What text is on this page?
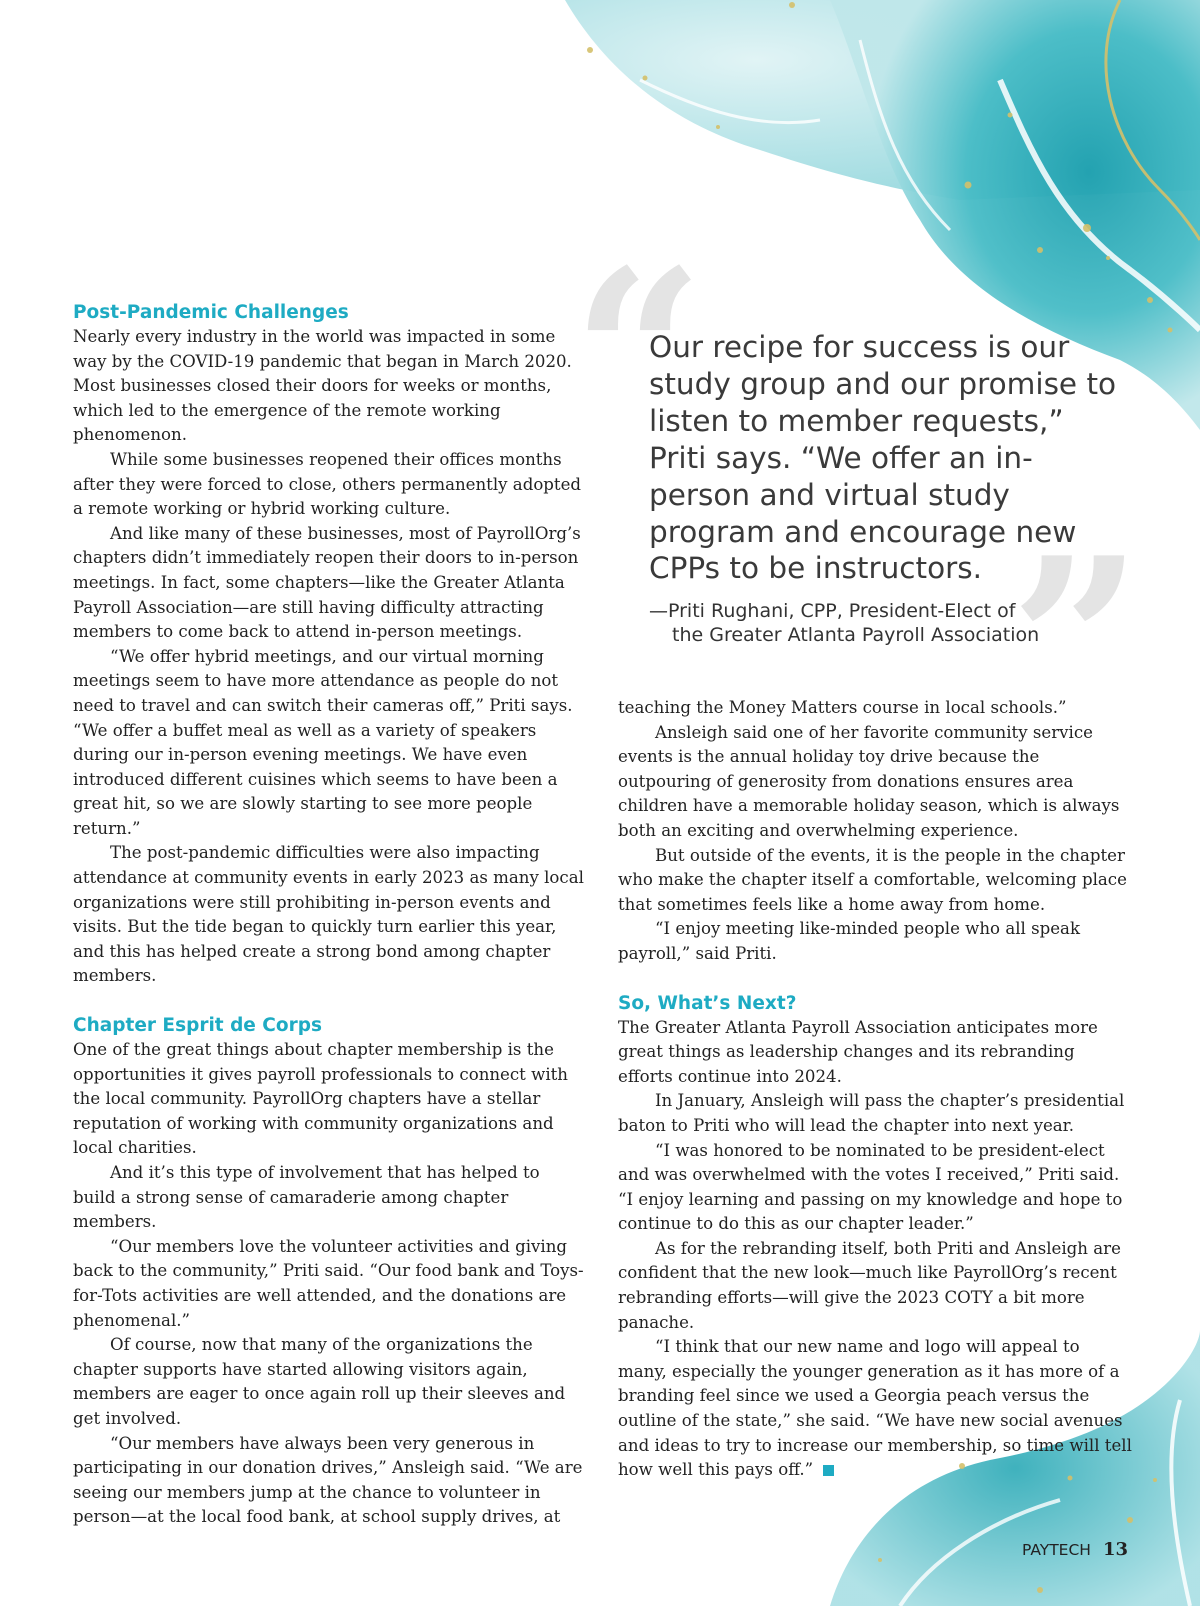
“
”
Post-Pandemic Challenges

Nearly every industry in the world was impacted in some way by the COVID-19 pandemic that began in March 2020. Most businesses closed their doors for weeks or months, which led to the emergence of the remote working phenomenon.

While some businesses reopened their offices months after they were forced to close, others permanently adopted a remote working or hybrid working culture.

And like many of these businesses, most of PayrollOrg’s chapters didn’t immediately reopen their doors to in-person meetings. In fact, some chapters—like the Greater Atlanta Payroll Association—are still having difficulty attracting members to come back to attend in-person meetings.

“We offer hybrid meetings, and our virtual morning meetings seem to have more attendance as people do not need to travel and can switch their cameras off,” Priti says. “We offer a buffet meal as well as a variety of speakers during our in-person evening meetings. We have even introduced different cuisines which seems to have been a great hit, so we are slowly starting to see more people return.”

The post-pandemic difficulties were also impacting attendance at community events in early 2023 as many local organizations were still prohibiting in-person events and visits. But the tide began to quickly turn earlier this year, and this has helped create a strong bond among chapter members.

Chapter Esprit de Corps

One of the great things about chapter membership is the opportunities it gives payroll professionals to connect with the local community. PayrollOrg chapters have a stellar reputation of working with community organizations and local charities.

And it’s this type of involvement that has helped to build a strong sense of camaraderie among chapter members.

“Our members love the volunteer activities and giving back to the community,” Priti said. “Our food bank and Toys-for-Tots activities are well attended, and the donations are phenomenal.”

Of course, now that many of the organizations the chapter supports have started allowing visitors again, members are eager to once again roll up their sleeves and get involved.

“Our members have always been very generous in participating in our donation drives,” Ansleigh said. “We are seeing our members jump at the chance to volunteer in person—at the local food bank, at school supply drives, at

Our recipe for success is our study group and our promise to listen to member requests,” Priti says. “We offer an in-person and virtual study program and encourage new CPPs to be instructors.
—Priti Rughani, CPP, President-Elect of
the Greater Atlanta Payroll Association

teaching the Money Matters course in local schools.”

Ansleigh said one of her favorite community service events is the annual holiday toy drive because the outpouring of generosity from donations ensures area children have a memorable holiday season, which is always both an exciting and overwhelming experience.

But outside of the events, it is the people in the chapter who make the chapter itself a comfortable, welcoming place that sometimes feels like a home away from home.

“I enjoy meeting like-minded people who all speak payroll,” said Priti.

So, What’s Next?

The Greater Atlanta Payroll Association anticipates more great things as leadership changes and its rebranding efforts continue into 2024.

In January, Ansleigh will pass the chapter’s presidential baton to Priti who will lead the chapter into next year.

“I was honored to be nominated to be president-elect and was overwhelmed with the votes I received,” Priti said. “I enjoy learning and passing on my knowledge and hope to continue to do this as our chapter leader.”

As for the rebranding itself, both Priti and Ansleigh are confident that the new look—much like PayrollOrg’s recent rebranding efforts—will give the 2023 COTY a bit more panache.

“I think that our new name and logo will appeal to many, especially the younger generation as it has more of a branding feel since we used a Georgia peach versus the outline of the state,” she said. “We have new social avenues and ideas to try to increase our membership, so time will tell how well this pays off.”

PAYTECH 13
